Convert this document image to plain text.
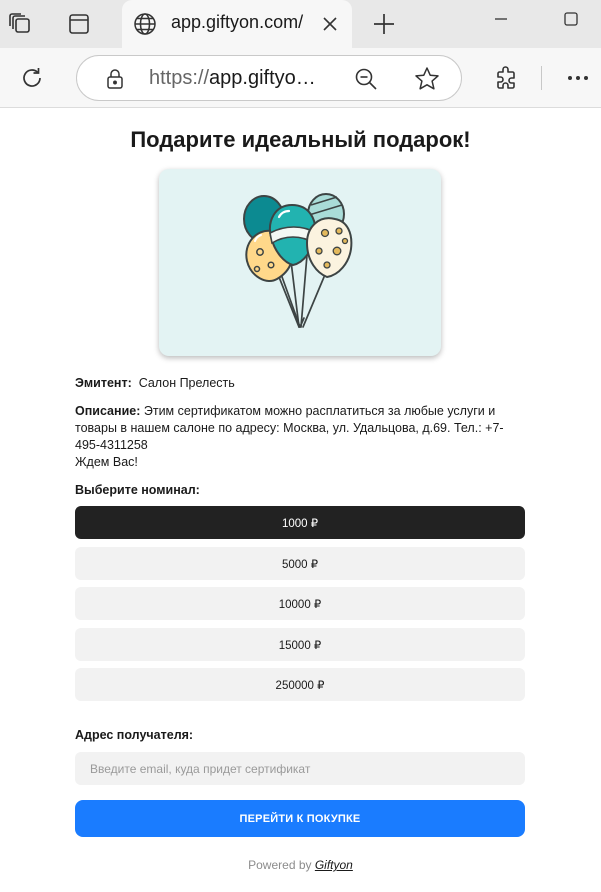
app.giftyon.com/
https://app.giftyo…
Подарите идеальный подарок!

Эмитент: Салон Прелесть

Описание: Этим сертификатом можно расплатиться за любые услуги и
товары в нашем салоне по адресу: Москва, ул. Удальцова, д.69. Тел.: +7-
495-4311258
Ждем Вас!

Выберите номинал:
1000 ₽
5000 ₽
10000 ₽
15000 ₽
250000 ₽
Адрес получателя:
Введите email, куда придет сертификат
ПЕРЕЙТИ К ПОКУПКЕ
Powered by Giftyon
